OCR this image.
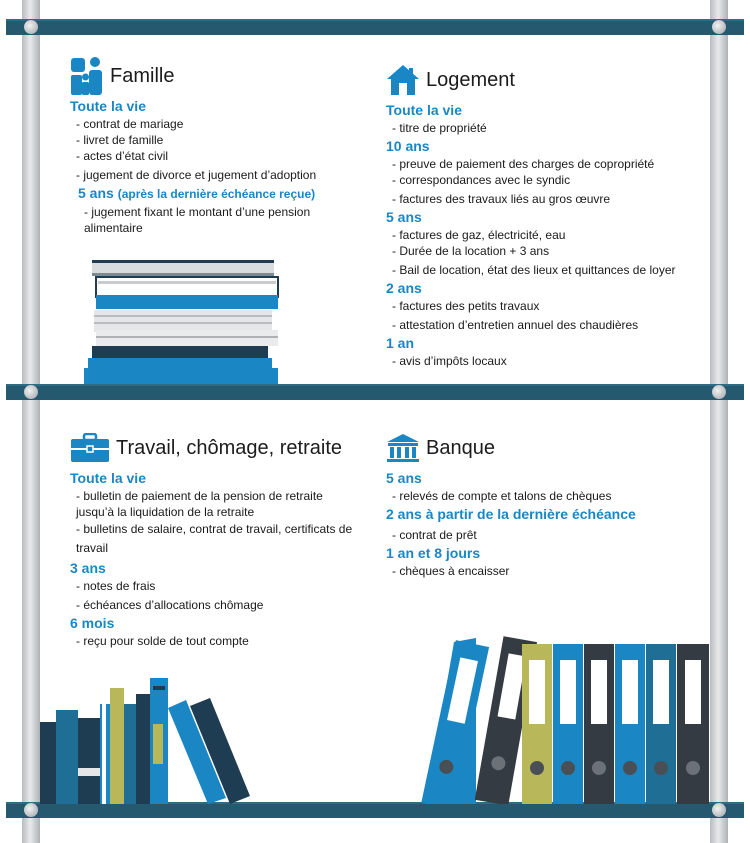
Famille
Toute la vie
- contrat de mariage
- livret de famille
- actes d’état civil
- jugement de divorce et jugement d’adoption
5 ans (après la dernière échéance reçue)
- jugement fixant le montant d’une pension alimentaire
Logement
Toute la vie
- titre de propriété
10 ans
- preuve de paiement des charges de copropriété
- correspondances avec le syndic
- factures des travaux liés au gros œuvre
5 ans
- factures de gaz, électricité, eau
- Durée de la location + 3 ans
- Bail de location, état des lieux et quittances de loyer
2 ans
- factures des petits travaux
- attestation d’entretien annuel des chaudières
1 an
- avis d’impôts locaux
Travail, chômage, retraite
Toute la vie
- bulletin de paiement de la pension de retraite jusqu’à la liquidation de la retraite
- bulletins de salaire, contrat de travail, certificats de travail
3 ans
- notes de frais
- échéances d’allocations chômage
6 mois
- reçu pour solde de tout compte
Banque
5 ans
- relevés de compte et talons de chèques
2 ans à partir de la dernière échéance
- contrat de prêt
1 an et 8 jours
- chèques à encaisser
